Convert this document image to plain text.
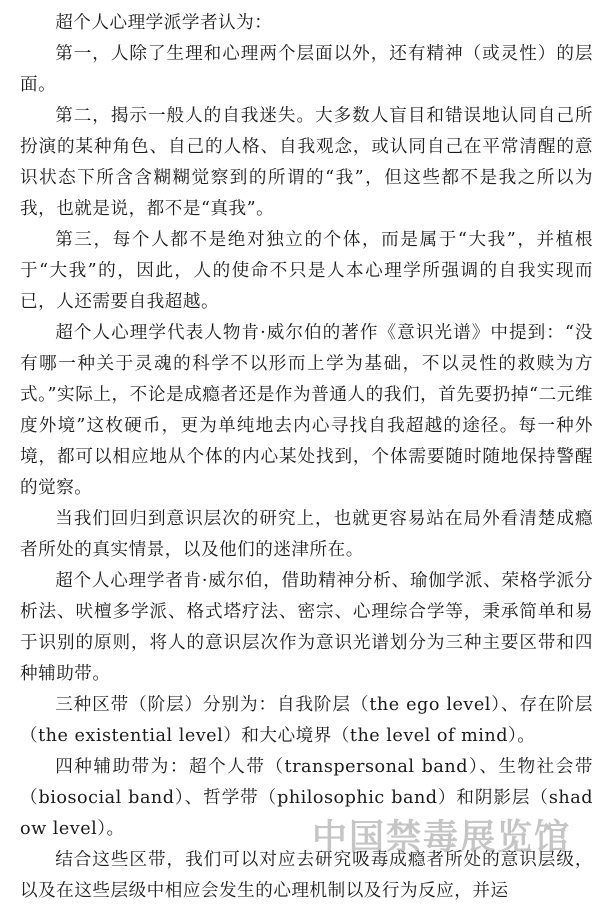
超个人心理学派学者认为：

第一，人除了生理和心理两个层面以外，还有精神（或灵性）的层面。

第二，揭示一般人的自我迷失。大多数人盲目和错误地认同自己所扮演的某种角色、自己的人格、自我观念，或认同自己在平常清醒的意识状态下所含含糊糊觉察到的所谓的“我”，但这些都不是我之所以为我，也就是说，都不是“真我”。

第三，每个人都不是绝对独立的个体，而是属于“大我”，并植根于“大我”的，因此，人的使命不只是人本心理学所强调的自我实现而已，人还需要自我超越。

超个人心理学代表人物肯·威尔伯的著作《意识光谱》中提到：“没有哪一种关于灵魂的科学不以形而上学为基础，不以灵性的救赎为方式。”实际上，不论是成瘾者还是作为普通人的我们，首先要扔掉“二元维度外境”这枚硬币，更为单纯地去内心寻找自我超越的途径。每一种外境，都可以相应地从个体的内心某处找到，个体需要随时随地保持警醒的觉察。

当我们回归到意识层次的研究上，也就更容易站在局外看清楚成瘾者所处的真实情景，以及他们的迷津所在。

超个人心理学者肯·威尔伯，借助精神分析、瑜伽学派、荣格学派分析法、吠檀多学派、格式塔疗法、密宗、心理综合学等，秉承简单和易于识别的原则，将人的意识层次作为意识光谱划分为三种主要区带和四种辅助带。

三种区带（阶层）分别为：自我阶层（the ego level）、存在阶层（the existential level）和大心境界（the level of mind）。

四种辅助带为：超个人带（transpersonal band）、生物社会带（biosocial band）、哲学带（philosophic band）和阴影层（shadow level）。

结合这些区带，我们可以对应去研究吸毒成瘾者所处的意识层级，以及在这些层级中相应会发生的心理机制以及行为反应，并运

中国禁毒展览馆
